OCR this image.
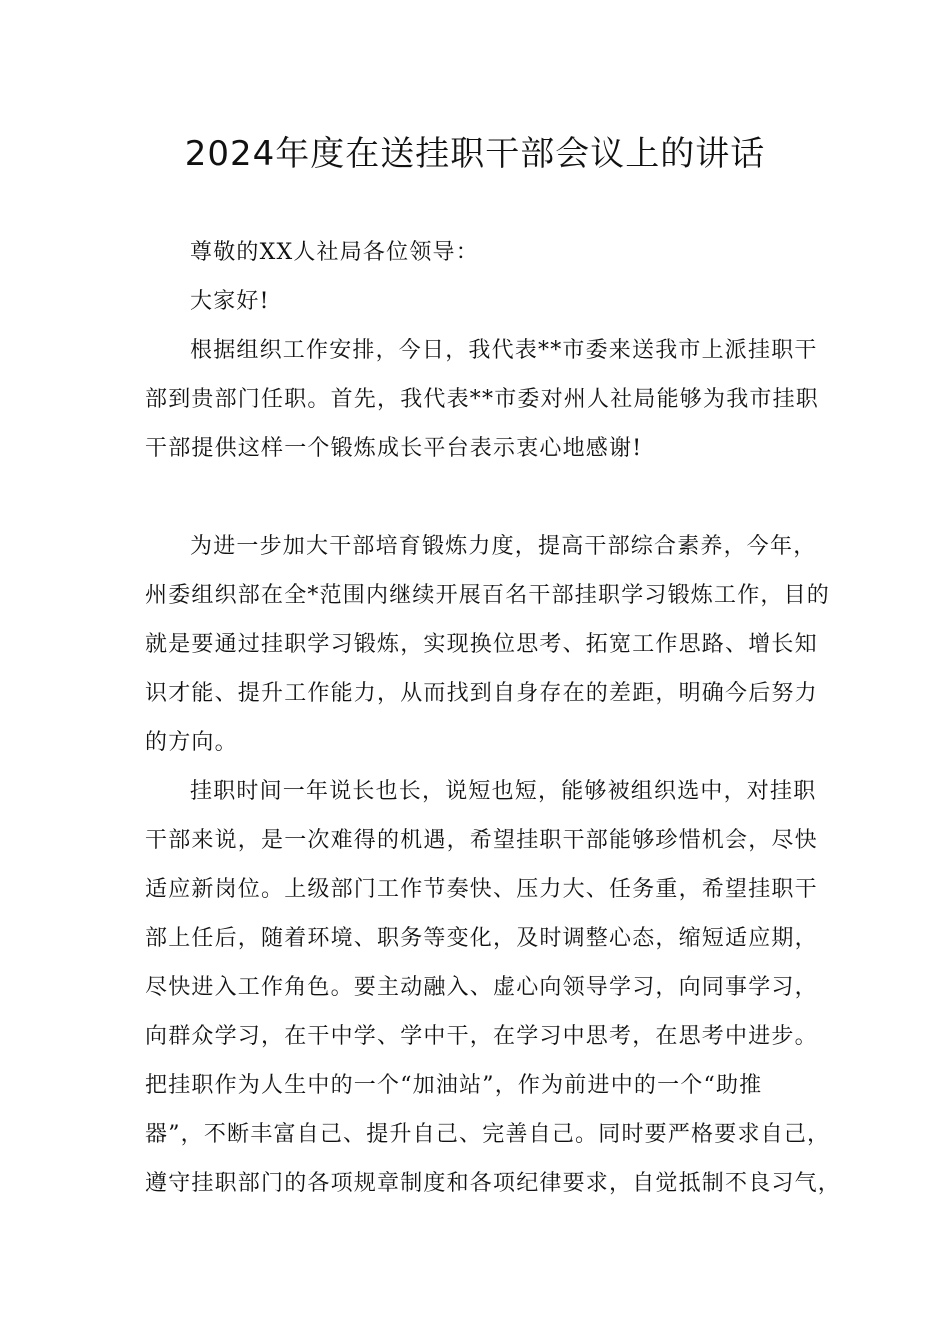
2024年度在送挂职干部会议上的讲话
尊敬的XX人社局各位领导：
大家好!
根据组织工作安排，今日，我代表**市委来送我市上派挂职干
部到贵部门任职。首先，我代表**市委对州人社局能够为我市挂职
干部提供这样一个锻炼成长平台表示衷心地感谢!
为进一步加大干部培育锻炼力度，提高干部综合素养，今年，
州委组织部在全*范围内继续开展百名干部挂职学习锻炼工作，目的
就是要通过挂职学习锻炼，实现换位思考、拓宽工作思路、增长知
识才能、提升工作能力，从而找到自身存在的差距，明确今后努力
的方向。
挂职时间一年说长也长，说短也短，能够被组织选中，对挂职
干部来说，是一次难得的机遇，希望挂职干部能够珍惜机会，尽快
适应新岗位。上级部门工作节奏快、压力大、任务重，希望挂职干
部上任后，随着环境、职务等变化，及时调整心态，缩短适应期，
尽快进入工作角色。要主动融入、虚心向领导学习，向同事学习，
向群众学习，在干中学、学中干，在学习中思考，在思考中进步。
把挂职作为人生中的一个“加油站”，作为前进中的一个“助推
器”，不断丰富自己、提升自己、完善自己。同时要严格要求自己，
遵守挂职部门的各项规章制度和各项纪律要求，自觉抵制不良习气，
